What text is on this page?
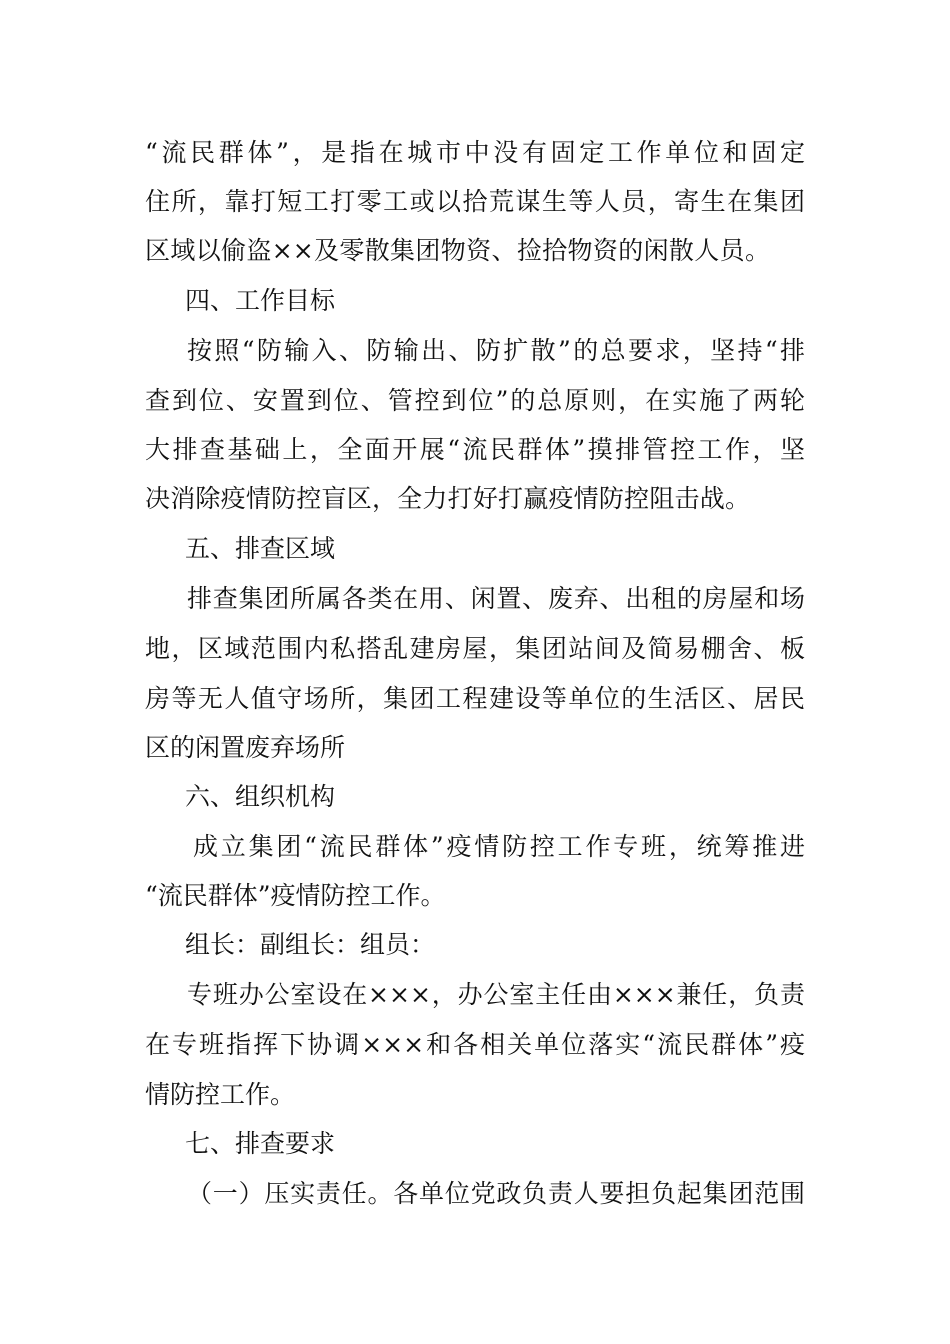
“流民群体”，是指在城市中没有固定工作单位和固定
住所，靠打短工打零工或以拾荒谋生等人员，寄生在集团
区域以偷盗××及零散集团物资、捡拾物资的闲散人员。
四、工作目标
按照“防输入、防输出、防扩散”的总要求，坚持“排
查到位、安置到位、管控到位”的总原则，在实施了两轮
大排查基础上，全面开展“流民群体”摸排管控工作，坚
决消除疫情防控盲区，全力打好打赢疫情防控阻击战。
五、排查区域
排查集团所属各类在用、闲置、废弃、出租的房屋和场
地，区域范围内私搭乱建房屋，集团站间及简易棚舍、板
房等无人值守场所，集团工程建设等单位的生活区、居民
区的闲置废弃场所
六、组织机构
成立集团“流民群体”疫情防控工作专班，统筹推进
“流民群体”疫情防控工作。
组长：副组长：组员：
专班办公室设在×××，办公室主任由×××兼任，负责
在专班指挥下协调×××和各相关单位落实“流民群体”疫
情防控工作。
七、排查要求
（一）压实责任。各单位党政负责人要担负起集团范围
